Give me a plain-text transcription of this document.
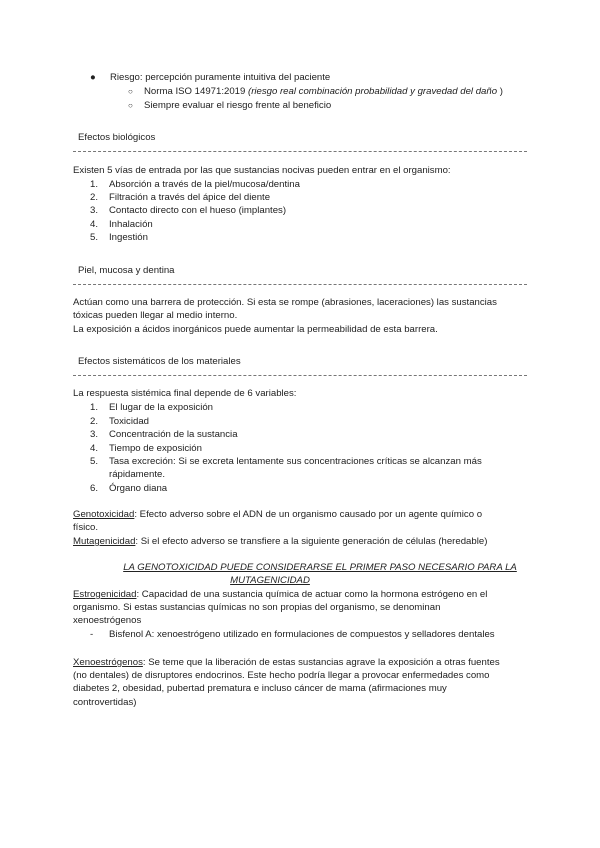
● Riesgo: percepción puramente intuitiva del paciente
○ Norma ISO 14971:2019 (riesgo real combinación probabilidad y gravedad del daño )
○ Siempre evaluar el riesgo frente al beneficio
Efectos biológicos
Existen 5 vías de entrada por las que sustancias nocivas pueden entrar en el organismo:
1. Absorción a través de la piel/mucosa/dentina
2. Filtración a través del ápice del diente
3. Contacto directo con el hueso (implantes)
4. Inhalación
5. Ingestión
Piel, mucosa y dentina
Actúan como una barrera de protección. Si esta se rompe (abrasiones, laceraciones) las sustancias
tóxicas pueden llegar al medio interno.
La exposición a ácidos inorgánicos puede aumentar la permeabilidad de esta barrera.
Efectos sistemáticos de los materiales
La respuesta sistémica final depende de 6 variables:
1. El lugar de la exposición
2. Toxicidad
3. Concentración de la sustancia
4. Tiempo de exposición
5. Tasa excreción: Si se excreta lentamente sus concentraciones críticas se alcanzan más
rápidamente.
6. Órgano diana
Genotoxicidad: Efecto adverso sobre el ADN de un organismo causado por un agente químico o
físico.
Mutagenicidad: Si el efecto adverso se transfiere a la siguiente generación de células (heredable)
LA GENOTOXICIDAD PUEDE CONSIDERARSE EL PRIMER PASO NECESARIO PARA LA
MUTAGENICIDAD
Estrogenicidad: Capacidad de una sustancia química de actuar como la hormona estrógeno en el
organismo. Si estas sustancias químicas no son propias del organismo, se denominan
xenoestrógenos
- Bisfenol A: xenoestrógeno utilizado en formulaciones de compuestos y selladores dentales
Xenoestrógenos: Se teme que la liberación de estas sustancias agrave la exposición a otras fuentes
(no dentales) de disruptores endocrinos. Este hecho podría llegar a provocar enfermedades como
diabetes 2, obesidad, pubertad prematura e incluso cáncer de mama (afirmaciones muy
controvertidas)
